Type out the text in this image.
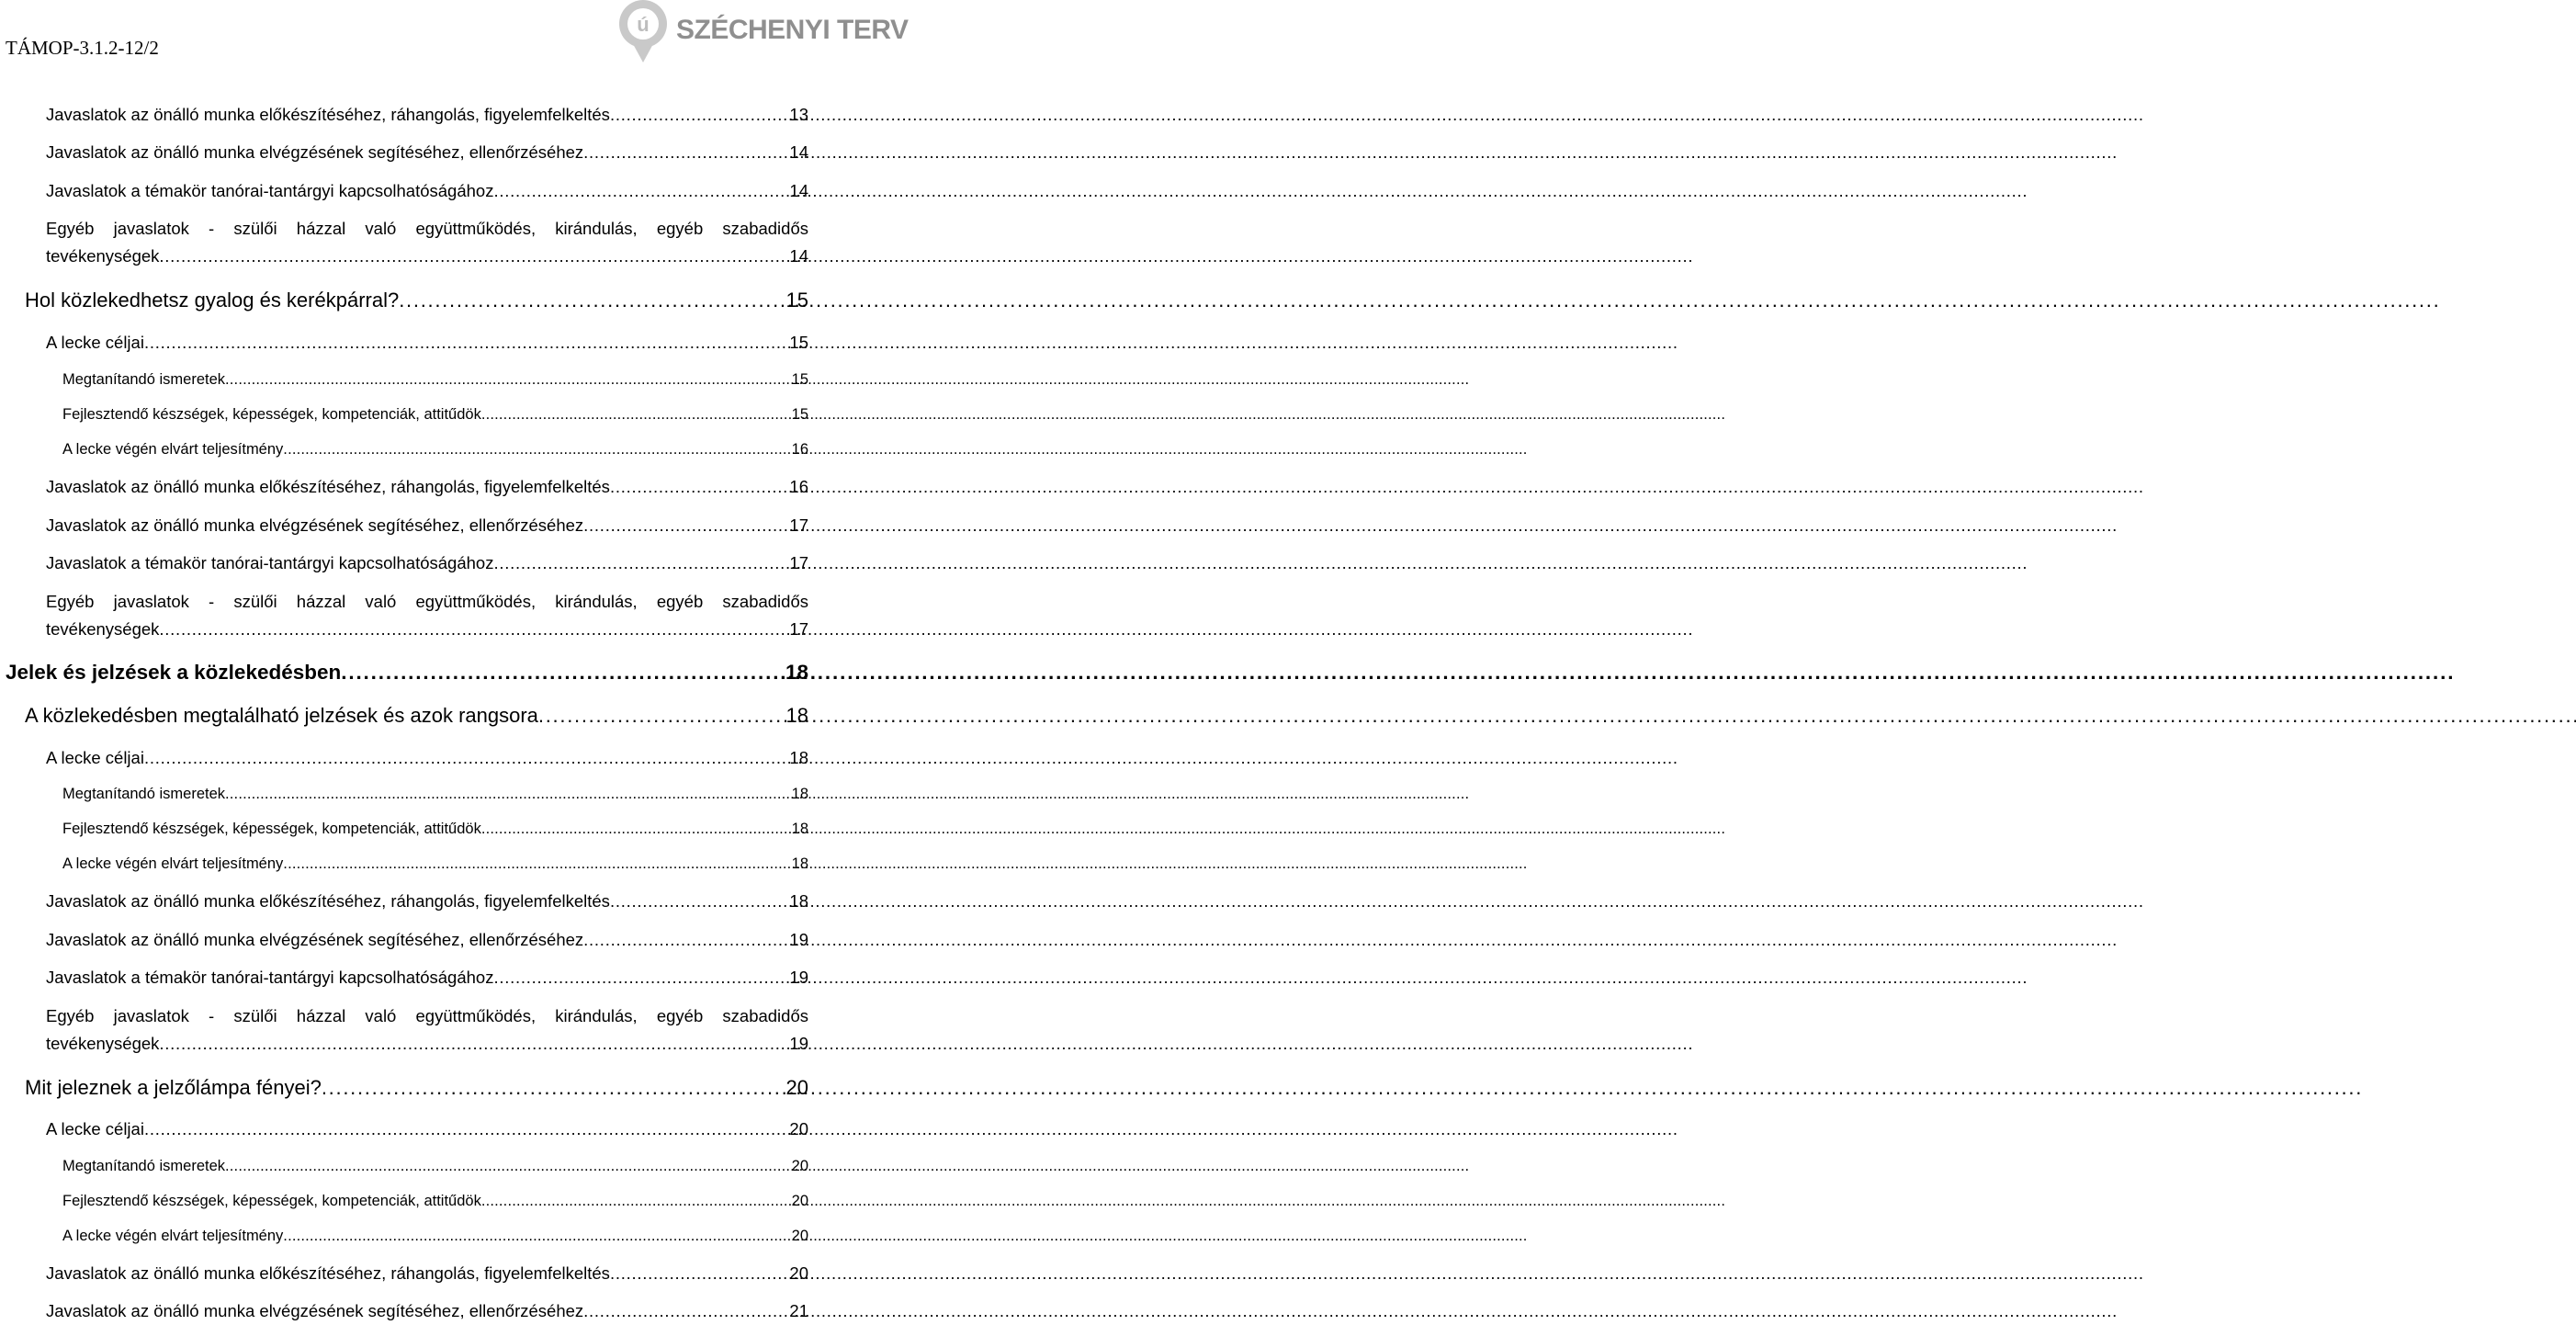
TÁMOP-3.1.2-12/2
ú SZÉCHENYI TERV
Javaslatok az önálló munka előkészítéséhez, ráhangolás, figyelemfelkeltés . . .	13
Javaslatok az önálló munka elvégzésének segítéséhez, ellenőrzéséhez . . .	14
Javaslatok a témakör tanórai-tantárgyi kapcsolhatóságához . . .	14
Egyéb javaslatok - szülői házzal való együttműködés, kirándulás, egyéb szabadidős
tevékenységek . . .	14
Hol közlekedhetsz gyalog és kerékpárral? . . .	15
A lecke céljai . . .	15
Megtanítandó ismeretek . . .	15
Fejlesztendő készségek, képességek, kompetenciák, attitűdök . . .	15
A lecke végén elvárt teljesítmény . . .	16
Javaslatok az önálló munka előkészítéséhez, ráhangolás, figyelemfelkeltés . . .	16
Javaslatok az önálló munka elvégzésének segítéséhez, ellenőrzéséhez . . .	17
Javaslatok a témakör tanórai-tantárgyi kapcsolhatóságához . . .	17
Egyéb javaslatok - szülői házzal való együttműködés, kirándulás, egyéb szabadidős
tevékenységek . . .	17
Jelek és jelzések a közlekedésben . . .	18
A közlekedésben megtalálható jelzések és azok rangsora . . .	18
A lecke céljai . . .	18
Megtanítandó ismeretek . . .	18
Fejlesztendő készségek, képességek, kompetenciák, attitűdök . . .	18
A lecke végén elvárt teljesítmény . . .	18
Javaslatok az önálló munka előkészítéséhez, ráhangolás, figyelemfelkeltés . . .	18
Javaslatok az önálló munka elvégzésének segítéséhez, ellenőrzéséhez . . .	19
Javaslatok a témakör tanórai-tantárgyi kapcsolhatóságához . . .	19
Egyéb javaslatok - szülői házzal való együttműködés, kirándulás, egyéb szabadidős
tevékenységek . . .	19
Mit jeleznek a jelzőlámpa fényei? . . .	20
A lecke céljai . . .	20
Megtanítandó ismeretek . . .	20
Fejlesztendő készségek, képességek, kompetenciák, attitűdök . . .	20
A lecke végén elvárt teljesítmény . . .	20
Javaslatok az önálló munka előkészítéséhez, ráhangolás, figyelemfelkeltés . . .	20
Javaslatok az önálló munka elvégzésének segítéséhez, ellenőrzéséhez . . .	21
